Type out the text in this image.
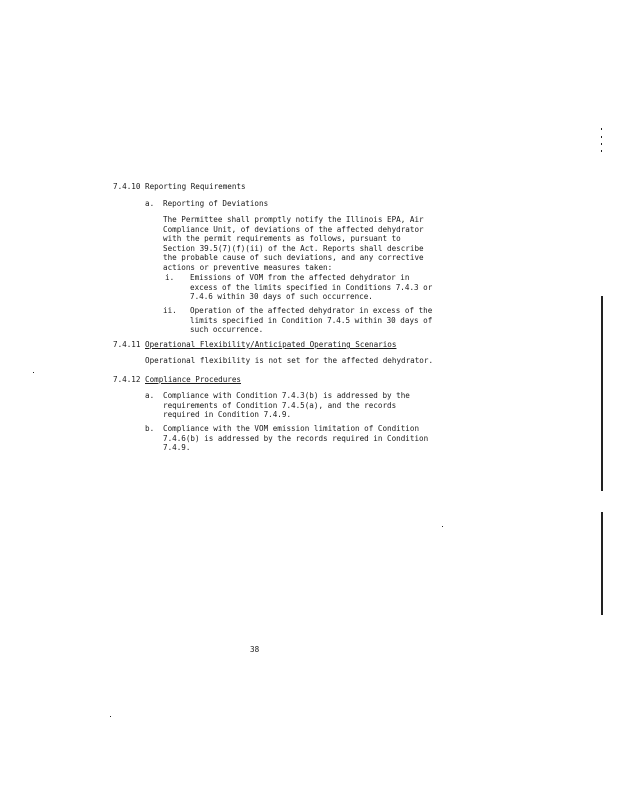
7.4.10 Reporting Requirements
a. Reporting of Deviations
The Permittee shall promptly notify the Illinois EPA, Air
Compliance Unit, of deviations of the affected dehydrator
with the permit requirements as follows, pursuant to
Section 39.5(7)(f)(ii) of the Act. Reports shall describe
the probable cause of such deviations, and any corrective
actions or preventive measures taken:
i. Emissions of VOM from the affected dehydrator in
excess of the limits specified in Conditions 7.4.3 or
7.4.6 within 30 days of such occurrence.
ii. Operation of the affected dehydrator in excess of the
limits specified in Condition 7.4.5 within 30 days of
such occurrence.
7.4.11 Operational Flexibility/Anticipated Operating Scenarios
Operational flexibility is not set for the affected dehydrator.
7.4.12 Compliance Procedures
a. Compliance with Condition 7.4.3(b) is addressed by the
requirements of Condition 7.4.5(a), and the records
required in Condition 7.4.9.
b. Compliance with the VOM emission limitation of Condition
7.4.6(b) is addressed by the records required in Condition
7.4.9.
38
